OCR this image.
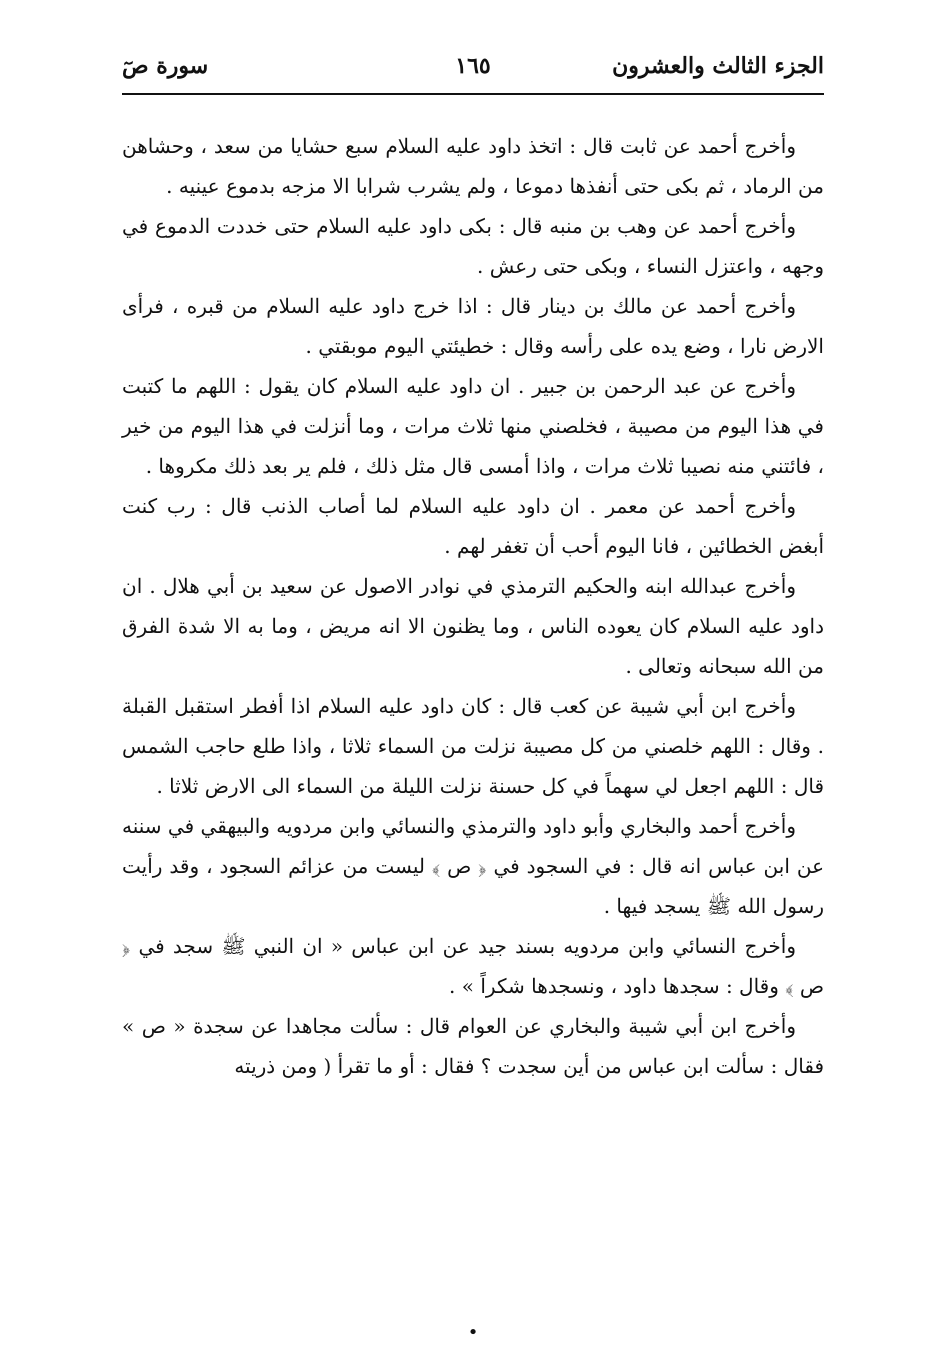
الجزء الثالث والعشرون
١٦٥
سورة صٓ

وأخرج أحمد عن ثابت قال : اتخذ داود عليه السلام سبع حشايا من سعد ، وحشاهن من الرماد ، ثم بكى حتى أنفذها دموعا ، ولم يشرب شرابا الا مزجه بدموع عينيه .

وأخرج أحمد عن وهب بن منبه قال : بكى داود عليه السلام حتى خددت الدموع في وجهه ، واعتزل النساء ، وبكى حتى رعش .

وأخرج أحمد عن مالك بن دينار قال : اذا خرج داود عليه السلام من قبره ، فرأى الارض نارا ، وضع يده على رأسه وقال : خطيئتي اليوم موبقتي .

وأخرج عن عبد الرحمن بن جبير . ان داود عليه السلام كان يقول : اللهم ما كتبت في هذا اليوم من مصيبة ، فخلصني منها ثلاث مرات ، وما أنزلت في هذا اليوم من خير ، فائتني منه نصيبا ثلاث مرات ، واذا أمسى قال مثل ذلك ، فلم ير بعد ذلك مكروها .

وأخرج أحمد عن معمر . ان داود عليه السلام لما أصاب الذنب قال : رب كنت أبغض الخطائين ، فانا اليوم أحب أن تغفر لهم .

وأخرج عبدالله ابنه والحكيم الترمذي في نوادر الاصول عن سعيد بن أبي هلال . ان داود عليه السلام كان يعوده الناس ، وما يظنون الا انه مريض ، وما به الا شدة الفرق من الله سبحانه وتعالى .

وأخرج ابن أبي شيبة عن كعب قال : كان داود عليه السلام اذا أفطر استقبل القبلة . وقال : اللهم خلصني من كل مصيبة نزلت من السماء ثلاثا ، واذا طلع حاجب الشمس قال : اللهم اجعل لي سهماً في كل حسنة نزلت الليلة من السماء الى الارض ثلاثا .

وأخرج أحمد والبخاري وأبو داود والترمذي والنسائي وابن مردويه والبيهقي في سننه عن ابن عباس انه قال : في السجود في ﴿ ص ﴾ ليست من عزائم السجود ، وقد رأيت رسول الله ﷺ يسجد فيها .

وأخرج النسائي وابن مردويه بسند جيد عن ابن عباس « ان النبي ﷺ سجد في ﴿ ص ﴾ وقال : سجدها داود ، ونسجدها شكراً » .

وأخرج ابن أبي شيبة والبخاري عن العوام قال : سألت مجاهدا عن سجدة « ص » فقال : سألت ابن عباس من أين سجدت ؟ فقال : أو ما تقرأ ( ومن ذريته

•
